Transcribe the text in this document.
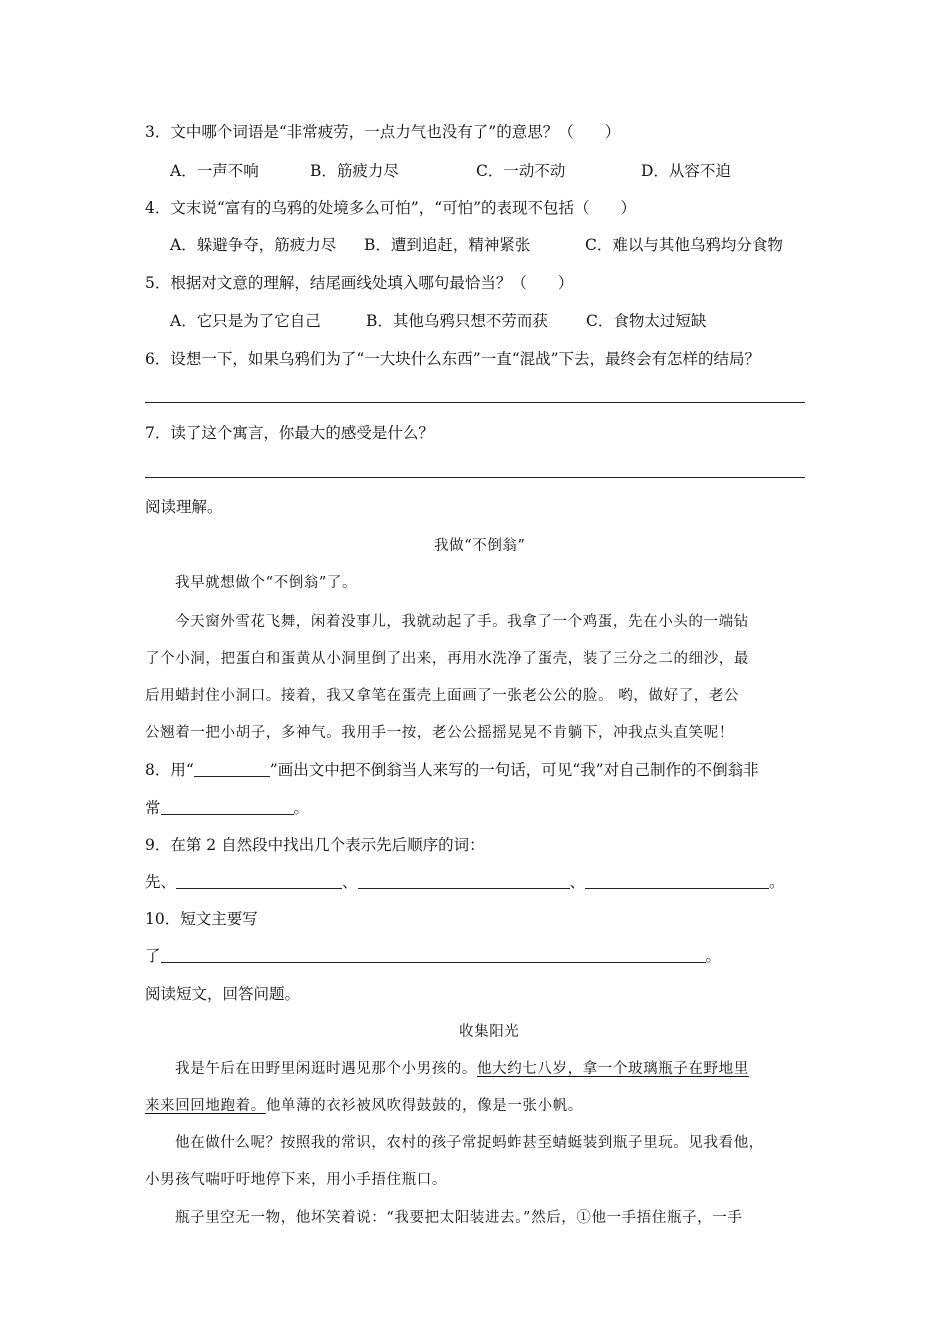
3．文中哪个词语是“非常疲劳，一点力气也没有了”的意思？（　　）
A．一声不响	B．筋疲力尽	C．一动不动	D．从容不迫
4．文末说“富有的乌鸦的处境多么可怕”，“可怕”的表现不包括（　　）
A．躲避争夺，筋疲力尽 B．遭到追赶，精神紧张	C．难以与其他乌鸦均分食物
5．根据对文意的理解，结尾画线处填入哪句最恰当？（　　）
A．它只是为了它自己	B．其他乌鸦只想不劳而获 C．食物太过短缺
6．设想一下，如果乌鸦们为了“一大块什么东西”一直“混战”下去，最终会有怎样的结局？
7．读了这个寓言，你最大的感受是什么？
阅读理解。
我做“不倒翁”
我早就想做个“不倒翁”了。
今天窗外雪花飞舞，闲着没事儿，我就动起了手。我拿了一个鸡蛋，先在小头的一端钻
了个小洞，把蛋白和蛋黄从小洞里倒了出来，再用水洗净了蛋壳，装了三分之二的细沙，最
后用蜡封住小洞口。接着，我又拿笔在蛋壳上面画了一张老公公的脸。 哟，做好了，老公
公翘着一把小胡子，多神气。我用手一按，老公公摇摇晃晃不肯躺下，冲我点头直笑呢！
8．用“	”画出文中把不倒翁当人来写的一句话，可见“我”对自己制作的不倒翁非
常	。
9．在第 2 自然段中找出几个表示先后顺序的词：
先、	、	、	。
10．短文主要写
了	。
阅读短文，回答问题。
收集阳光
我是午后在田野里闲逛时遇见那个小男孩的。他大约七八岁，拿一个玻璃瓶子在野地里
来来回回地跑着。他单薄的衣衫被风吹得鼓鼓的，像是一张小帆。
他在做什么呢？按照我的常识，农村的孩子常捉蚂蚱甚至蜻蜓装到瓶子里玩。见我看他，
小男孩气喘吁吁地停下来，用小手捂住瓶口。
瓶子里空无一物，他坏笑着说：“我要把太阳装进去。”然后，①他一手捂住瓶子，一手
